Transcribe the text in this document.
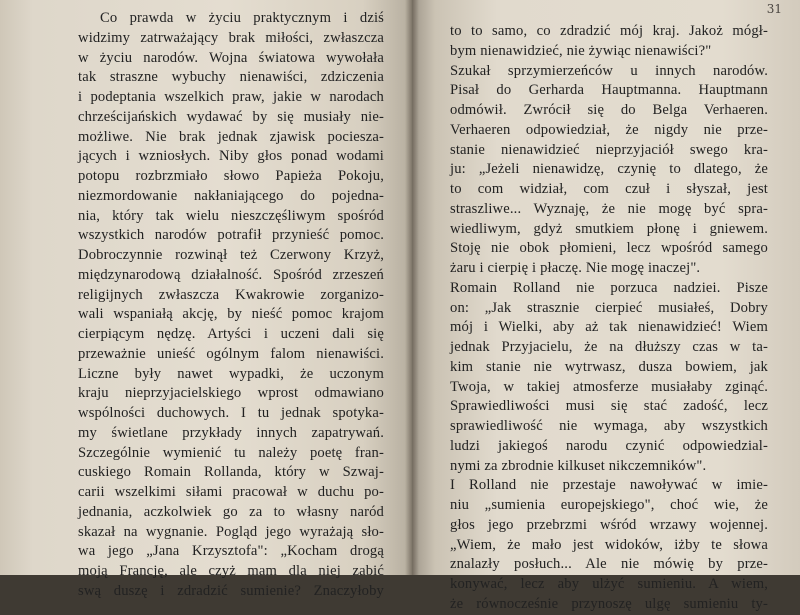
Co prawda w życiu praktycznym i dziś
widzimy zatrważający brak miłości, zwłaszcza
w życiu narodów. Wojna światowa wywołała
tak straszne wybuchy nienawiści, zdziczenia
i podeptania wszelkich praw, jakie w narodach
chrześcijańskich wydawać by się musiały nie-
możliwe. Nie brak jednak zjawisk pociesza-
jących i wzniosłych. Niby głos ponad wodami
potopu rozbrzmiało słowo Papieża Pokoju,
niezmordowanie nakłaniającego do pojedna-
nia, który tak wielu nieszczęśliwym spośród
wszystkich narodów potrafił przynieść pomoc.
Dobroczynnie rozwinął też Czerwony Krzyż,
międzynarodową działalność. Spośród zrzeszeń
religijnych zwłaszcza Kwakrowie zorganizo-
wali wspaniałą akcję, by nieść pomoc krajom
cierpiącym nędzę. Artyści i uczeni dali się
przeważnie unieść ogólnym falom nienawiści.
Liczne były nawet wypadki, że uczonym
kraju nieprzyjacielskiego wprost odmawiano
wspólności duchowych. I tu jednak spotyka-
my świetlane przykłady innych zapatrywań.
Szczególnie wymienić tu należy poetę fran-
cuskiego Romain Rollanda, który w Szwaj-
carii wszelkimi siłami pracował w duchu po-
jednania, aczkolwiek go za to własny naród
skazał na wygnanie. Pogląd jego wyrażają sło-
wa jego „Jana Krzysztofa": „Kocham drogą
moją Francję, ale czyż mam dla niej zabić
swą duszę i zdradzić sumienie? Znaczyłoby
31
to to samo, co zdradzić mój kraj. Jakoż mógł-
bym nienawidzieć, nie żywiąc nienawiści?"
Szukał sprzymierzeńców u innych narodów.
Pisał do Gerharda Hauptmanna. Hauptmann
odmówił. Zwrócił się do Belga Verhaeren.
Verhaeren odpowiedział, że nigdy nie prze-
stanie nienawidzieć nieprzyjaciół swego kra-
ju: „Jeżeli nienawidzę, czynię to dlatego, że
to com widział, com czuł i słyszał, jest
straszliwe... Wyznaję, że nie mogę być spra-
wiedliwym, gdyż smutkiem płonę i gniewem.
Stoję nie obok płomieni, lecz wpośród samego
żaru i cierpię i płaczę. Nie mogę inaczej".
Romain Rolland nie porzuca nadziei. Pisze
on: „Jak strasznie cierpieć musiałeś, Dobry
mój i Wielki, aby aż tak nienawidzieć! Wiem
jednak Przyjacielu, że na dłuższy czas w ta-
kim stanie nie wytrwasz, dusza bowiem, jak
Twoja, w takiej atmosferze musiałaby zginąć.
Sprawiedliwości musi się stać zadość, lecz
sprawiedliwość nie wymaga, aby wszystkich
ludzi jakiegoś narodu czynić odpowiedzial-
nymi za zbrodnie kilkuset nikczemników".
I Rolland nie przestaje nawoływać w imie-
niu „sumienia europejskiego", choć wie, że
głos jego przebrzmi wśród wrzawy wojennej.
„Wiem, że mało jest widoków, iżby te słowa
znalazły posłuch... Ale nie mówię by prze-
konywać, lecz aby ulżyć sumieniu. A wiem,
że równocześnie przynoszę ulgę sumieniu ty-
